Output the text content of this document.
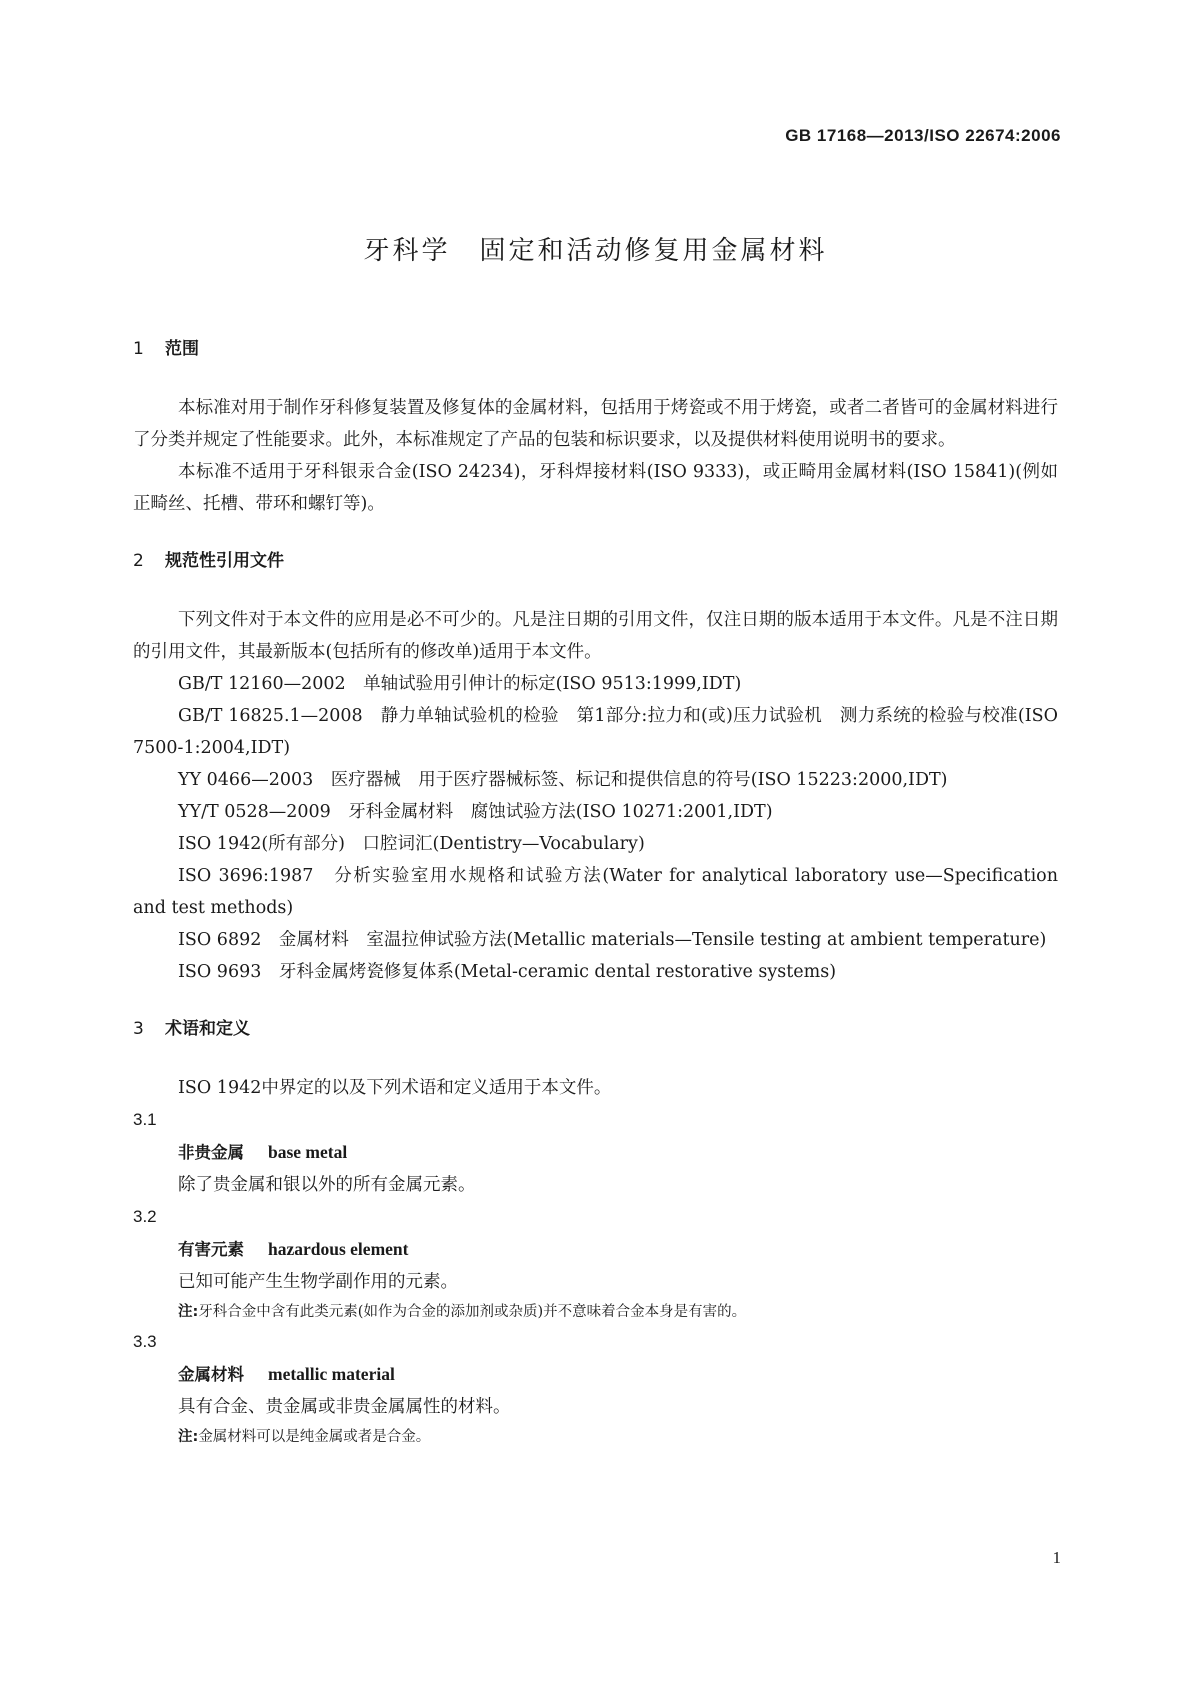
GB 17168—2013/ISO 22674:2006
牙科学　固定和活动修复用金属材料
1 范围

本标准对用于制作牙科修复装置及修复体的金属材料，包括用于烤瓷或不用于烤瓷，或者二者皆可的金属材料进行了分类并规定了性能要求。此外，本标准规定了产品的包装和标识要求，以及提供材料使用说明书的要求。

本标准不适用于牙科银汞合金(ISO 24234)，牙科焊接材料(ISO 9333)，或正畸用金属材料(ISO 15841)(例如正畸丝、托槽、带环和螺钉等)。

2 规范性引用文件

下列文件对于本文件的应用是必不可少的。凡是注日期的引用文件，仅注日期的版本适用于本文件。凡是不注日期的引用文件，其最新版本(包括所有的修改单)适用于本文件。

GB/T 12160—2002　单轴试验用引伸计的标定(ISO 9513:1999,IDT)

GB/T 16825.1—2008　静力单轴试验机的检验　第1部分:拉力和(或)压力试验机　测力系统的检验与校准(ISO 7500-1:2004,IDT)

YY 0466—2003　医疗器械　用于医疗器械标签、标记和提供信息的符号(ISO 15223:2000,IDT)

YY/T 0528—2009　牙科金属材料　腐蚀试验方法(ISO 10271:2001,IDT)

ISO 1942(所有部分)　口腔词汇(Dentistry—Vocabulary)

ISO 3696:1987　分析实验室用水规格和试验方法(Water for analytical laboratory use—Specification and test methods)

ISO 6892　金属材料　室温拉伸试验方法(Metallic materials—Tensile testing at ambient temperature)

ISO 9693　牙科金属烤瓷修复体系(Metal-ceramic dental restorative systems)

3 术语和定义

ISO 1942中界定的以及下列术语和定义适用于本文件。

3.1
非贵金属 base metal
除了贵金属和银以外的所有金属元素。
3.2
有害元素 hazardous element
已知可能产生生物学副作用的元素。
注:牙科合金中含有此类元素(如作为合金的添加剂或杂质)并不意味着合金本身是有害的。
3.3
金属材料 metallic material
具有合金、贵金属或非贵金属属性的材料。
注:金属材料可以是纯金属或者是合金。
1
